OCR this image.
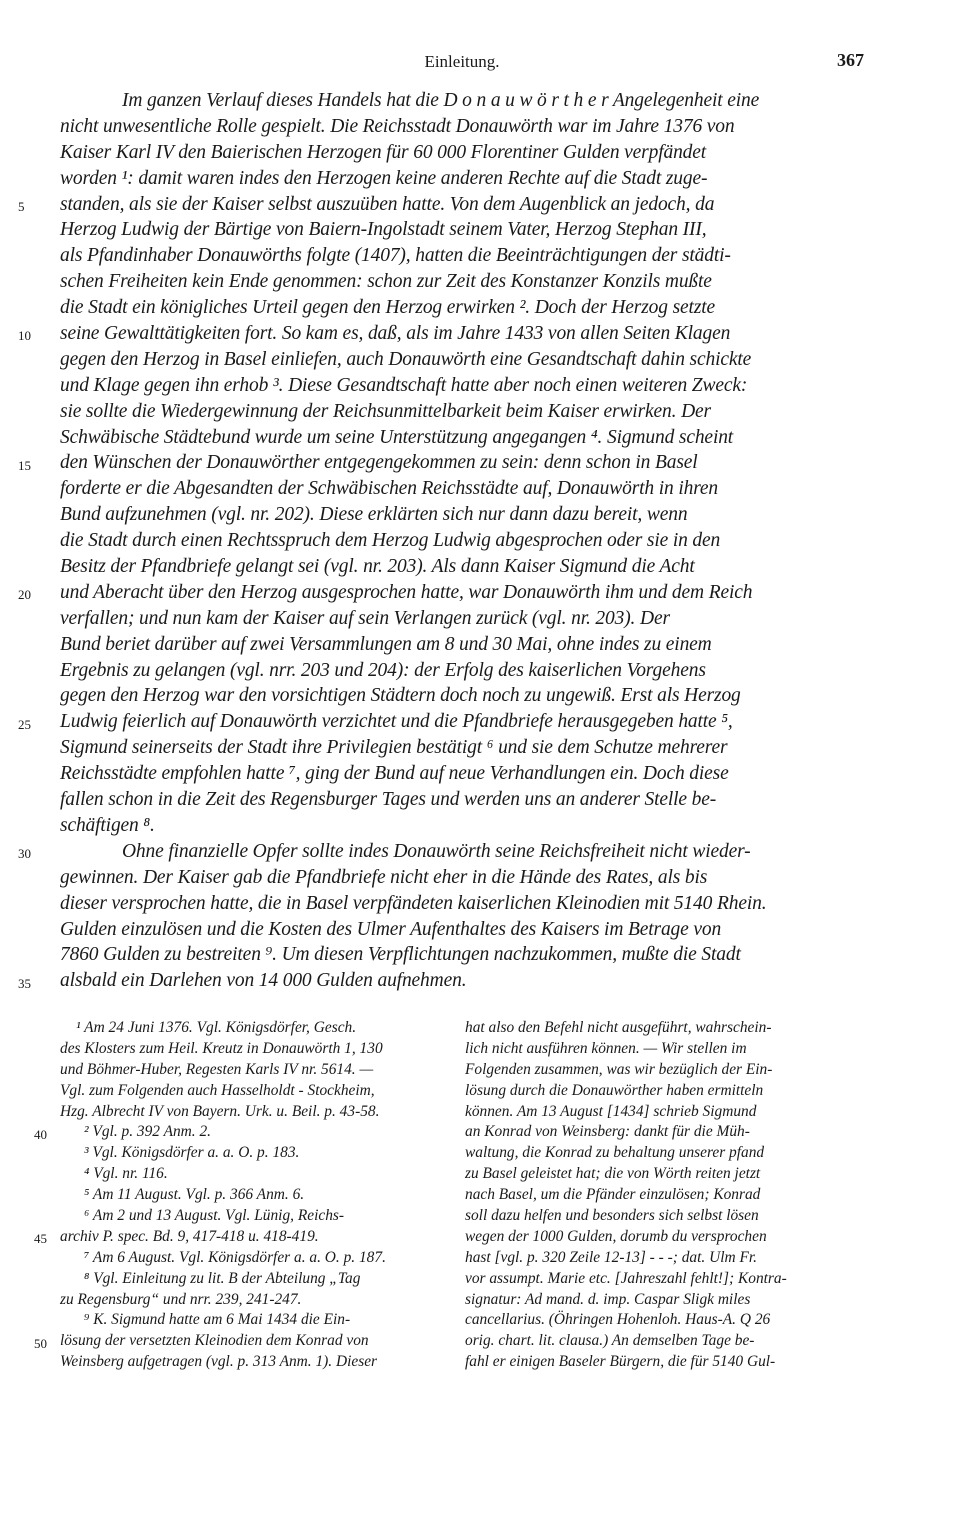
Einleitung.	367
Im ganzen Verlauf dieses Handels hat die D o n a u w ö r t h e r Angelegenheit eine
nicht unwesentliche Rolle gespielt. Die Reichsstadt Donauwörth war im Jahre 1376 von
Kaiser Karl IV den Baierischen Herzogen für 60 000 Florentiner Gulden verpfändet
worden ¹: damit waren indes den Herzogen keine anderen Rechte auf die Stadt zuge-
standen, als sie der Kaiser selbst auszuüben hatte. Von dem Augenblick an jedoch, da
Herzog Ludwig der Bärtige von Baiern-Ingolstadt seinem Vater, Herzog Stephan III,
als Pfandinhaber Donauwörths folgte (1407), hatten die Beeinträchtigungen der städti-
schen Freiheiten kein Ende genommen: schon zur Zeit des Konstanzer Konzils mußte
die Stadt ein königliches Urteil gegen den Herzog erwirken ². Doch der Herzog setzte
seine Gewalttätigkeiten fort. So kam es, daß, als im Jahre 1433 von allen Seiten Klagen
gegen den Herzog in Basel einliefen, auch Donauwörth eine Gesandtschaft dahin schickte
und Klage gegen ihn erhob ³. Diese Gesandtschaft hatte aber noch einen weiteren Zweck:
sie sollte die Wiedergewinnung der Reichsunmittelbarkeit beim Kaiser erwirken. Der
Schwäbische Städtebund wurde um seine Unterstützung angegangen ⁴. Sigmund scheint
den Wünschen der Donauwörther entgegengekommen zu sein: denn schon in Basel
forderte er die Abgesandten der Schwäbischen Reichsstädte auf, Donauwörth in ihren
Bund aufzunehmen (vgl. nr. 202). Diese erklärten sich nur dann dazu bereit, wenn
die Stadt durch einen Rechtsspruch dem Herzog Ludwig abgesprochen oder sie in den
Besitz der Pfandbriefe gelangt sei (vgl. nr. 203). Als dann Kaiser Sigmund die Acht
und Aberacht über den Herzog ausgesprochen hatte, war Donauwörth ihm und dem Reich
verfallen; und nun kam der Kaiser auf sein Verlangen zurück (vgl. nr. 203). Der
Bund beriet darüber auf zwei Versammlungen am 8 und 30 Mai, ohne indes zu einem
Ergebnis zu gelangen (vgl. nrr. 203 und 204): der Erfolg des kaiserlichen Vorgehens
gegen den Herzog war den vorsichtigen Städtern doch noch zu ungewiß. Erst als Herzog
Ludwig feierlich auf Donauwörth verzichtet und die Pfandbriefe herausgegeben hatte ⁵,
Sigmund seinerseits der Stadt ihre Privilegien bestätigt ⁶ und sie dem Schutze mehrerer
Reichsstädte empfohlen hatte ⁷, ging der Bund auf neue Verhandlungen ein. Doch diese
fallen schon in die Zeit des Regensburger Tages und werden uns an anderer Stelle be-
schäftigen ⁸.
Ohne finanzielle Opfer sollte indes Donauwörth seine Reichsfreiheit nicht wieder-
gewinnen. Der Kaiser gab die Pfandbriefe nicht eher in die Hände des Rates, als bis
dieser versprochen hatte, die in Basel verpfändeten kaiserlichen Kleinodien mit 5140 Rhein.
Gulden einzulösen und die Kosten des Ulmer Aufenthaltes des Kaisers im Betrage von
7860 Gulden zu bestreiten ⁹. Um diesen Verpflichtungen nachzukommen, mußte die Stadt
alsbald ein Darlehen von 14 000 Gulden aufnehmen.
¹ Am 24 Juni 1376. Vgl. Königsdörfer, Gesch.
des Klosters zum Heil. Kreutz in Donauwörth 1, 130
und Böhmer-Huber, Regesten Karls IV nr. 5614. —
Vgl. zum Folgenden auch Hasselholdt - Stockheim,
Hzg. Albrecht IV von Bayern. Urk. u. Beil. p. 43-58.
² Vgl. p. 392 Anm. 2.
³ Vgl. Königsdörfer a. a. O. p. 183.
⁴ Vgl. nr. 116.
⁵ Am 11 August. Vgl. p. 366 Anm. 6.
⁶ Am 2 und 13 August. Vgl. Lünig, Reichs-
archiv P. spec. Bd. 9, 417-418 u. 418-419.
⁷ Am 6 August. Vgl. Königsdörfer a. a. O. p. 187.
⁸ Vgl. Einleitung zu lit. B der Abteilung „Tag
zu Regensburg“ und nrr. 239, 241-247.
⁹ K. Sigmund hatte am 6 Mai 1434 die Ein-
lösung der versetzten Kleinodien dem Konrad von
Weinsberg aufgetragen (vgl. p. 313 Anm. 1). Dieser
hat also den Befehl nicht ausgeführt, wahrschein-
lich nicht ausführen können. — Wir stellen im
Folgenden zusammen, was wir bezüglich der Ein-
lösung durch die Donauwörther haben ermitteln
können. Am 13 August [1434] schrieb Sigmund
an Konrad von Weinsberg: dankt für die Müh-
waltung, die Konrad zu behaltung unserer pfand
zu Basel geleistet hat; die von Wörth reiten jetzt
nach Basel, um die Pfänder einzulösen; Konrad
soll dazu helfen und besonders sich selbst lösen
wegen der 1000 Gulden, dorumb du versprochen
hast [vgl. p. 320 Zeile 12-13] - - -; dat. Ulm Fr.
vor assumpt. Marie etc. [Jahreszahl fehlt!]; Kontra-
signatur: Ad mand. d. imp. Caspar Sligk miles
cancellarius. (Öhringen Hohenloh. Haus-A. Q 26
orig. chart. lit. clausa.) An demselben Tage be-
fahl er einigen Baseler Bürgern, die für 5140 Gul-
5
10
15
20
25
30
35
40
45
50
